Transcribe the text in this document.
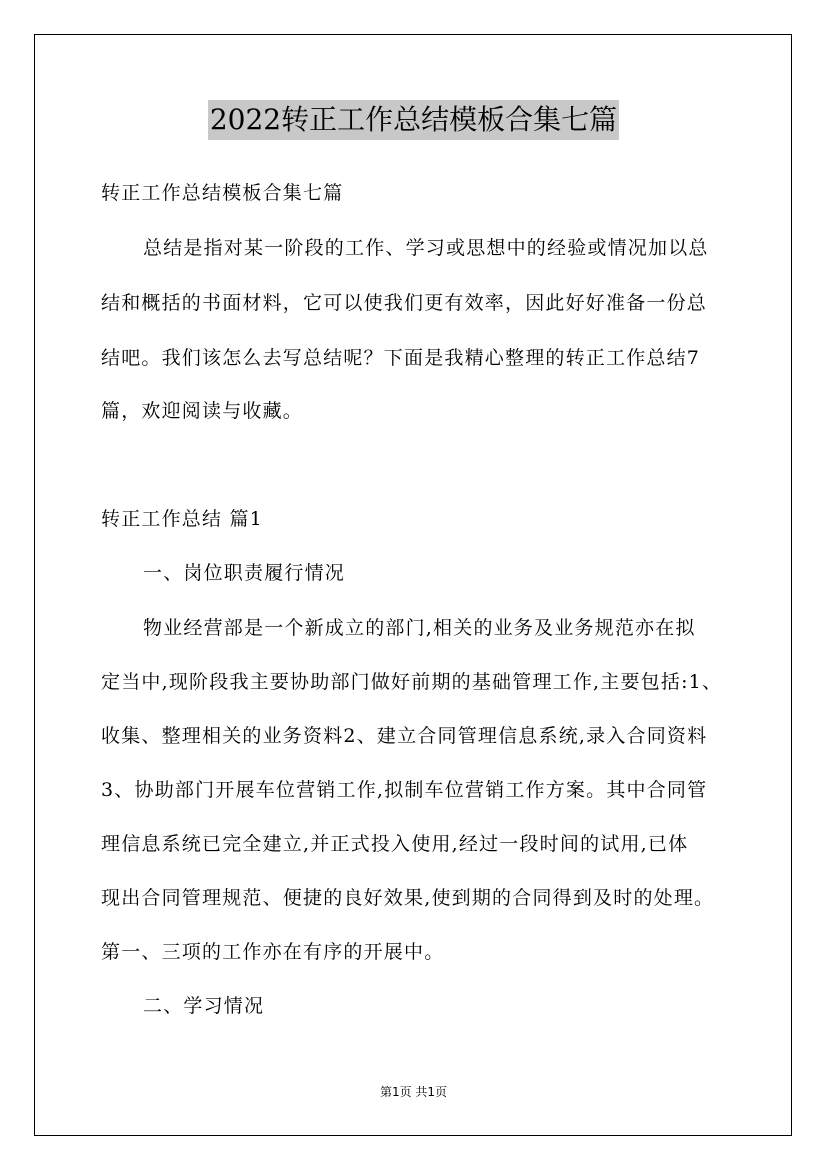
2022转正工作总结模板合集七篇
转正工作总结模板合集七篇
总结是指对某一阶段的工作、学习或思想中的经验或情况加以总
结和概括的书面材料，它可以使我们更有效率，因此好好准备一份总
结吧。我们该怎么去写总结呢？下面是我精心整理的转正工作总结7
篇，欢迎阅读与收藏。
转正工作总结 篇1
一、岗位职责履行情况
物业经营部是一个新成立的部门,相关的业务及业务规范亦在拟
定当中,现阶段我主要协助部门做好前期的基础管理工作,主要包括:1、
收集、整理相关的业务资料2、建立合同管理信息系统,录入合同资料
3、协助部门开展车位营销工作,拟制车位营销工作方案。其中合同管
理信息系统已完全建立,并正式投入使用,经过一段时间的试用,已体
现出合同管理规范、便捷的良好效果,使到期的合同得到及时的处理。
第一、三项的工作亦在有序的开展中。
二、学习情况
第1页 共1页
